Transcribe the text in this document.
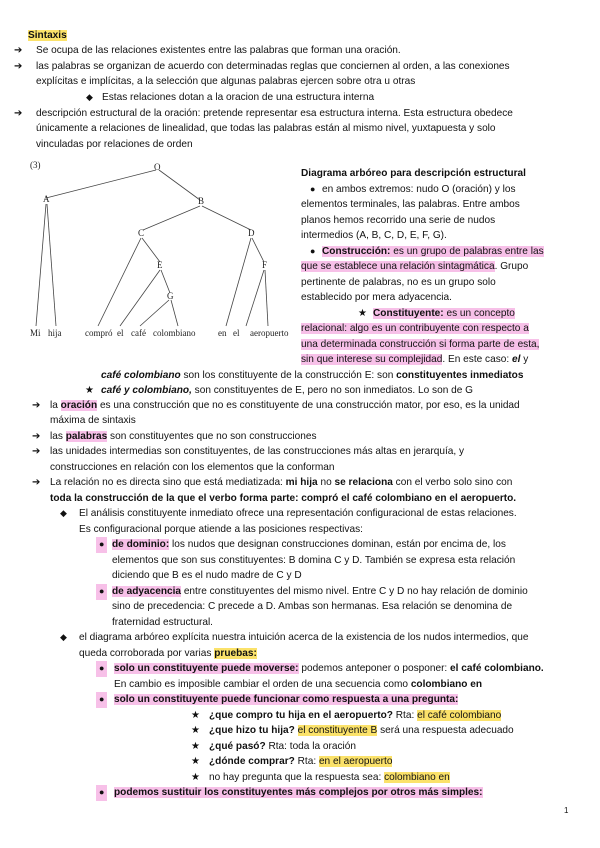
Sintaxis
➔ Se ocupa de las relaciones existentes entre las palabras que forman una oración.
➔ las palabras se organizan de acuerdo con determinadas reglas que conciernen al orden, a las conexiones
explícitas e implícitas, a la selección que algunas palabras ejercen sobre otra u otras
◆ Estas relaciones dotan a la oracion de una estructura interna
➔ descripción estructural de la oración: pretende representar esa estructura interna. Esta estructura obedece
únicamente a relaciones de linealidad, que todas las palabras están al mismo nivel, yuxtapuesta y solo
vinculadas por relaciones de orden
(3)	O
A	B
C	D
E	F
G
Mi hija	compró el café colombiano	en el aeropuerto
Diagrama arbóreo para descripción estructural
● en ambos extremos: nudo O (oración) y los
elementos terminales, las palabras. Entre ambos
planos hemos recorrido una serie de nudos
intermedios (A, B, C, D, E, F, G).
● Construcción: es un grupo de palabras entre las
que se establece una relación sintagmática. Grupo
pertinente de palabras, no es un grupo solo
establecido por mera adyacencia.
★ Constituyente: es un concepto
relacional: algo es un contribuyente con respecto a
una determinada construcción si forma parte de esta,
sin que interese su complejidad. En este caso: el y
café colombiano son los constituyente de la construcción E: son constituyentes inmediatos
★ café y colombiano, son constituyentes de E, pero no son inmediatos. Lo son de G
➔ la oración es una construcción que no es constituyente de una construcción mator, por eso, es la unidad
máxima de sintaxis
➔ las palabras son constituyentes que no son construcciones
➔ las unidades intermedias son constituyentes, de las construcciones más altas en jerarquía, y
construcciones en relación con los elementos que la conforman
➔ La relación no es directa sino que está mediatizada: mi hija no se relaciona con el verbo solo sino con
toda la construcción de la que el verbo forma parte: compró el café colombiano en el aeropuerto.
◆ El análisis constituyente inmediato ofrece una representación configuracional de estas relaciones.
Es configuracional porque atiende a las posiciones respectivas:
● de dominio: los nudos que designan construcciones dominan, están por encima de, los
elementos que son sus constituyentes: B domina C y D. También se expresa esta relación
diciendo que B es el nudo madre de C y D
● de adyacencia entre constituyentes del mismo nivel. Entre C y D no hay relación de dominio
sino de precedencia: C precede a D. Ambas son hermanas. Esa relación se denomina de
fraternidad estructural.
◆ el diagrama arbóreo explícita nuestra intuición acerca de la existencia de los nudos intermedios, que
queda corroborada por varias pruebas:
● solo un constituyente puede moverse: podemos anteponer o posponer: el café colombiano.
En cambio es imposible cambiar el orden de una secuencia como colombiano en
● solo un constituyente puede funcionar como respuesta a una pregunta:
★ ¿que compro tu hija en el aeropuerto? Rta: el café colombiano
★ ¿que hizo tu hija? el constituyente B será una respuesta adecuado
★ ¿qué pasó? Rta: toda la oración
★ ¿dónde comprar? Rta: en el aeropuerto
★ no hay pregunta que la respuesta sea: colombiano en
● podemos sustituir los constituyentes más complejos por otros más simples:
1
